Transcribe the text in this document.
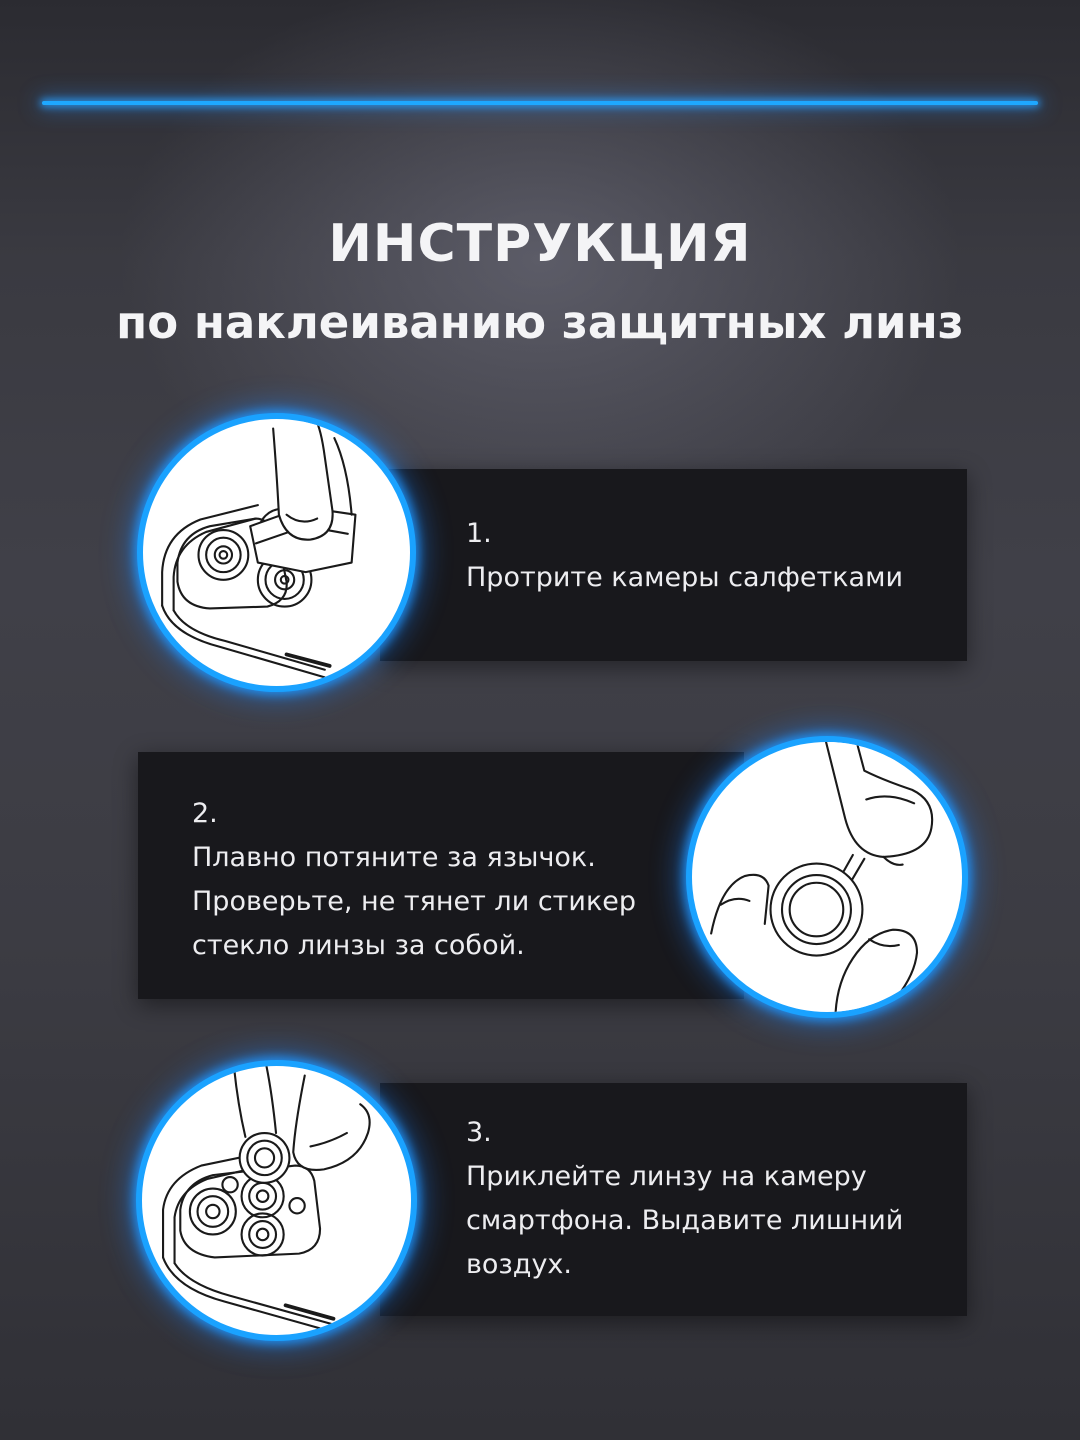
ИНСТРУКЦИЯ
по наклеиванию защитных линз
1.
Протрите камеры салфетками
2.
Плавно потяните за язычок.
Проверьте, не тянет ли стикер
стекло линзы за собой.
3.
Приклейте линзу на камеру
смартфона. Выдавите лишний
воздух.
